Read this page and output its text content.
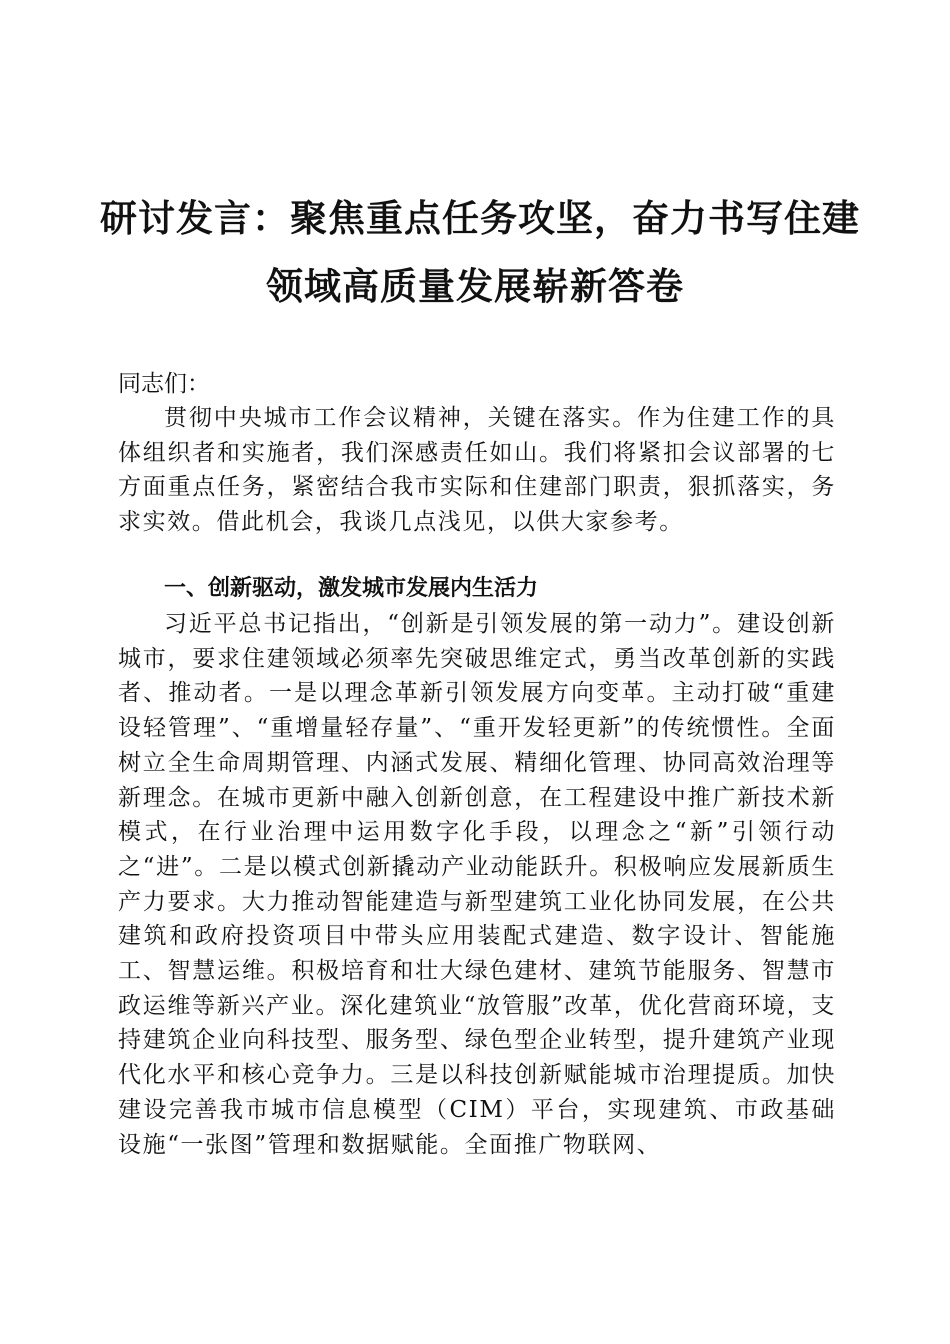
研讨发言：聚焦重点任务攻坚，奋力书写住建
领域高质量发展崭新答卷
同志们：

贯彻中央城市工作会议精神，关键在落实。作为住建工作的具体组织者和实施者，我们深感责任如山。我们将紧扣会议部署的七方面重点任务，紧密结合我市实际和住建部门职责，狠抓落实，务求实效。借此机会，我谈几点浅见，以供大家参考。

一、创新驱动，激发城市发展内生活力

习近平总书记指出，“创新是引领发展的第一动力”。建设创新城市，要求住建领域必须率先突破思维定式，勇当改革创新的实践者、推动者。一是以理念革新引领发展方向变革。主动打破“重建设轻管理”、“重增量轻存量”、“重开发轻更新”的传统惯性。全面树立全生命周期管理、内涵式发展、精细化管理、协同高效治理等新理念。在城市更新中融入创新创意，在工程建设中推广新技术新模式，在行业治理中运用数字化手段，以理念之“新”引领行动之“进”。二是以模式创新撬动产业动能跃升。积极响应发展新质生产力要求。大力推动智能建造与新型建筑工业化协同发展，在公共建筑和政府投资项目中带头应用装配式建造、数字设计、智能施工、智慧运维。积极培育和壮大绿色建材、建筑节能服务、智慧市政运维等新兴产业。深化建筑业“放管服”改革，优化营商环境，支持建筑企业向科技型、服务型、绿色型企业转型，提升建筑产业现代化水平和核心竞争力。三是以科技创新赋能城市治理提质。加快建设完善我市城市信息模型（CIM）平台，实现建筑、市政基础设施“一张图”管理和数据赋能。全面推广物联网、
